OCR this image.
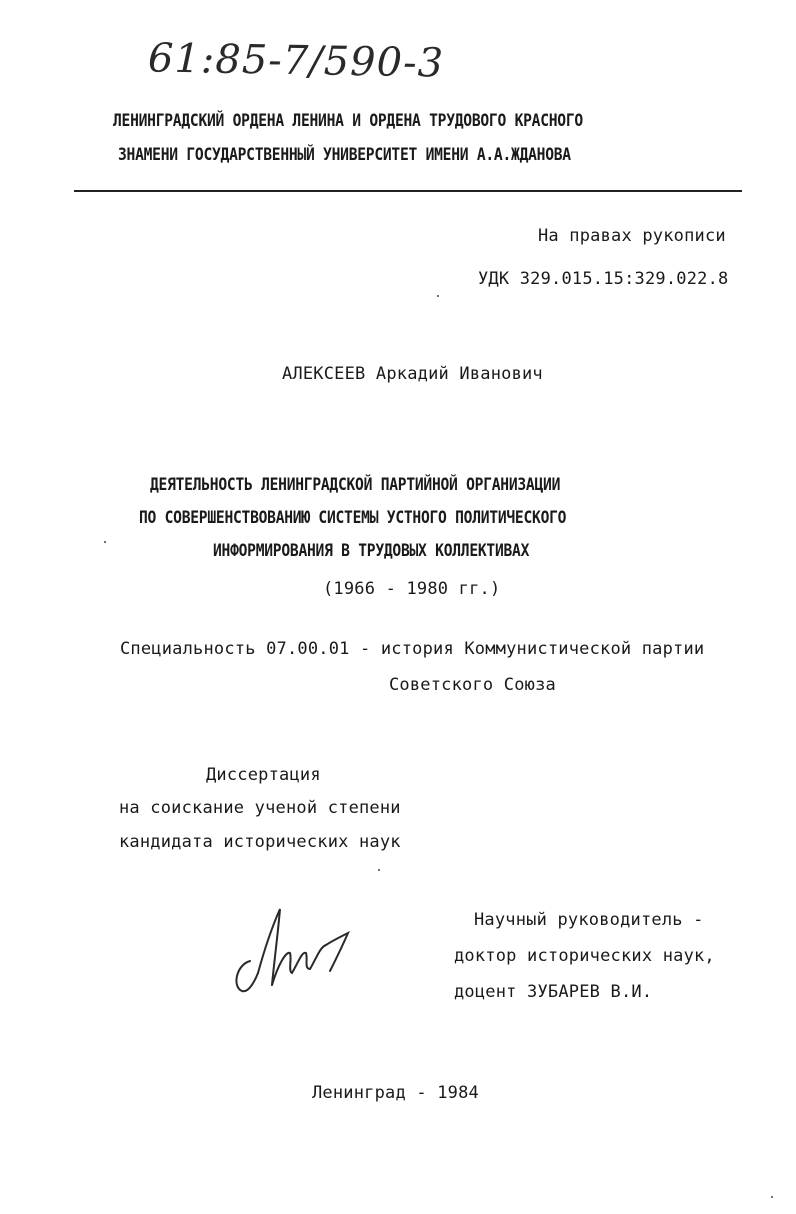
61:85-7/590-3
ЛЕНИНГРАДСКИЙ ОРДЕНА ЛЕНИНА И ОРДЕНА ТРУДОВОГО КРАСНОГО
ЗНАМЕНИ ГОСУДАРСТВЕННЫЙ УНИВЕРСИТЕТ ИМЕНИ А.А.ЖДАНОВА
На правах рукописи
УДК 329.015.15:329.022.8
АЛЕКСЕЕВ Аркадий Иванович
ДЕЯТЕЛЬНОСТЬ ЛЕНИНГРАДСКОЙ ПАРТИЙНОЙ ОРГАНИЗАЦИИ
ПО СОВЕРШЕНСТВОВАНИЮ СИСТЕМЫ УСТНОГО ПОЛИТИЧЕСКОГО
ИНФОРМИРОВАНИЯ В ТРУДОВЫХ КОЛЛЕКТИВАХ
(1966 - 1980 гг.)
Специальность 07.00.01 - история Коммунистической партии
Советского Союза
Диссертация
на соискание ученой степени
кандидата исторических наук
Научный руководитель -
доктор исторических наук,
доцент ЗУБАРЕВ В.И.
Ленинград - 1984
